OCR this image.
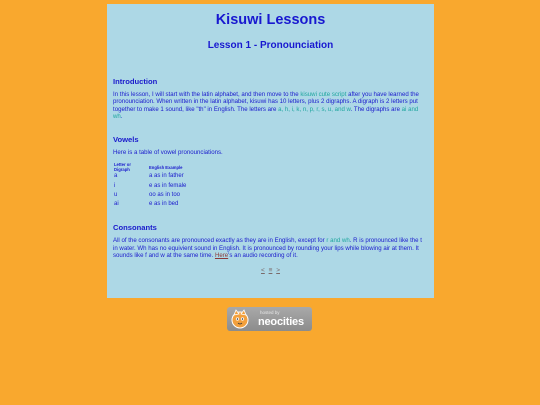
Kisuwi Lessons
Lesson 1 - Pronounciation
Introduction
In this lesson, I will start with the latin alphabet, and then move to the kisuwi cute script after you have learned the pronounciation. When written in the latin alphabet, kisuwi has 10 letters, plus 2 digraphs. A digraph is 2 letters put together to make 1 sound, like "th" in English. The letters are a, h, i, k, n, p, r, s, u, and w. The digraphs are ai and wh.
Vowels
Here is a table of vowel pronounciations.
Letter or Digraph	English Example
a	a as in father
i	e as in female
u	oo as in too
ai	e as in bed
Consonants
All of the consonants are pronounced exactly as they are in English, except for r and wh. R is pronounced like the t in water. Wh has no equivient sound in English. It is pronounced by rounding your lips while blowing air at them. It sounds like f and w at the same time. Here's an audio recording of it.
< ≡ >
hosted by
neocities
